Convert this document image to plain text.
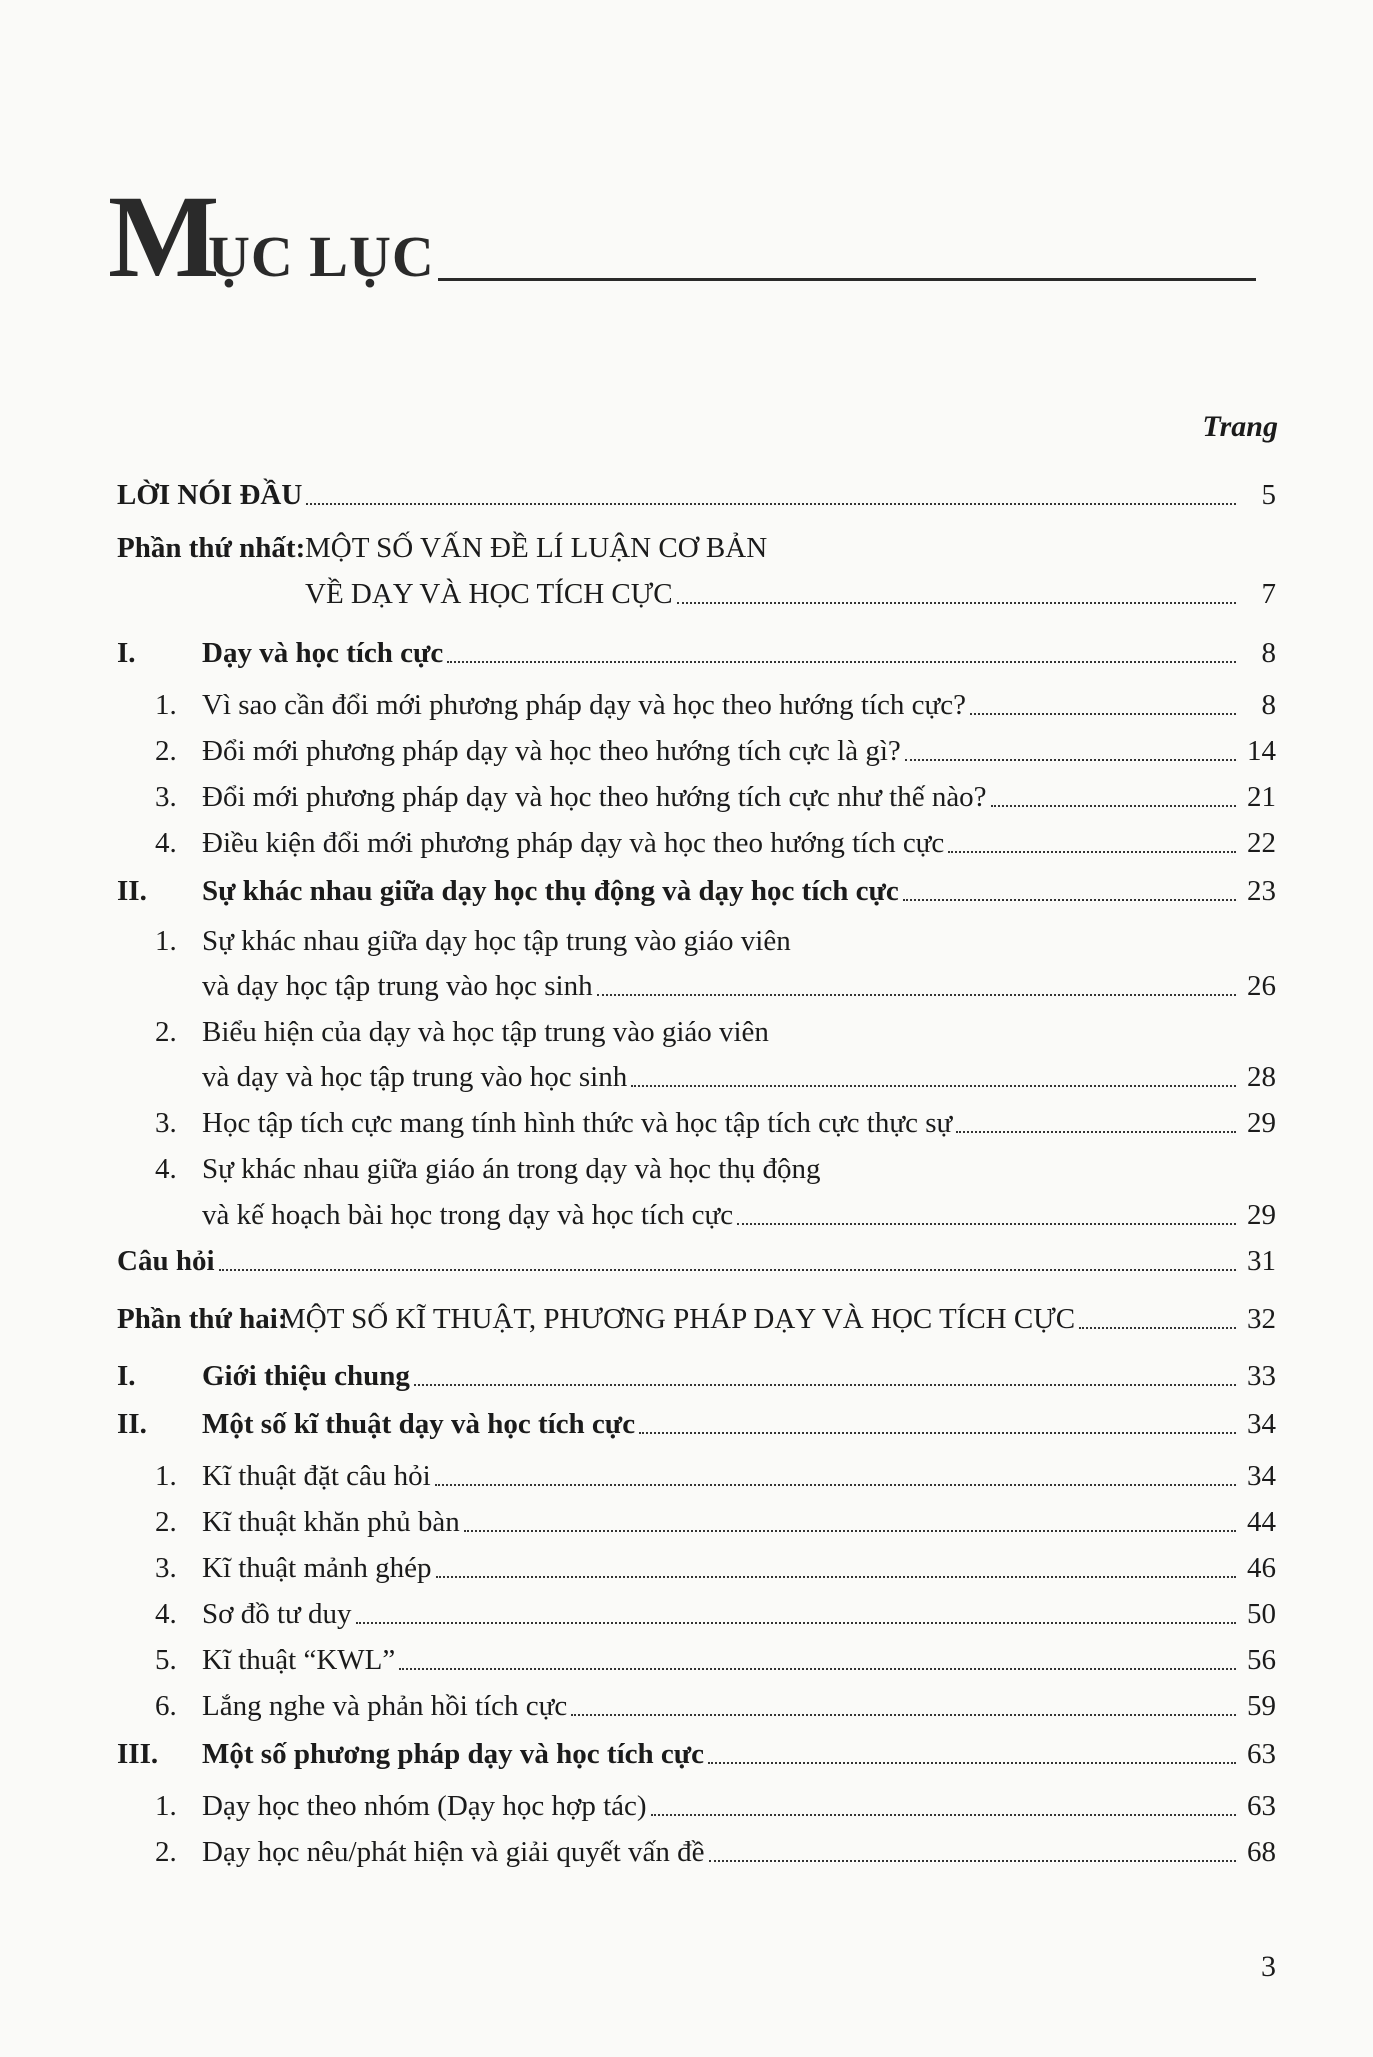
M
ỤC LỤC
Trang
LỜI NÓI ĐẦU	5
Phần thứ nhất: MỘT SỐ VẤN ĐỀ LÍ LUẬN CƠ BẢN
VỀ DẠY VÀ HỌC TÍCH CỰC	7
I. Dạy và học tích cực	8
1. Vì sao cần đổi mới phương pháp dạy và học theo hướng tích cực?	8
2. Đổi mới phương pháp dạy và học theo hướng tích cực là gì?	14
3. Đổi mới phương pháp dạy và học theo hướng tích cực như thế nào?	21
4. Điều kiện đổi mới phương pháp dạy và học theo hướng tích cực	22
II. Sự khác nhau giữa dạy học thụ động và dạy học tích cực	23
1. Sự khác nhau giữa dạy học tập trung vào giáo viên
và dạy học tập trung vào học sinh	26
2. Biểu hiện của dạy và học tập trung vào giáo viên
và dạy và học tập trung vào học sinh	28
3. Học tập tích cực mang tính hình thức và học tập tích cực thực sự	29
4. Sự khác nhau giữa giáo án trong dạy và học thụ động
và kế hoạch bài học trong dạy và học tích cực	29
Câu hỏi	31
Phần thứ hai:
MỘT SỐ KĨ THUẬT, PHƯƠNG PHÁP DẠY VÀ HỌC TÍCH CỰC	32
I. Giới thiệu chung	33
II. Một số kĩ thuật dạy và học tích cực	34
1. Kĩ thuật đặt câu hỏi	34
2. Kĩ thuật khăn phủ bàn	44
3. Kĩ thuật mảnh ghép	46
4. Sơ đồ tư duy	50
5. Kĩ thuật “KWL”	56
6. Lắng nghe và phản hồi tích cực	59
III. Một số phương pháp dạy và học tích cực	63
1. Dạy học theo nhóm (Dạy học hợp tác)	63
2. Dạy học nêu/phát hiện và giải quyết vấn đề	68
3
